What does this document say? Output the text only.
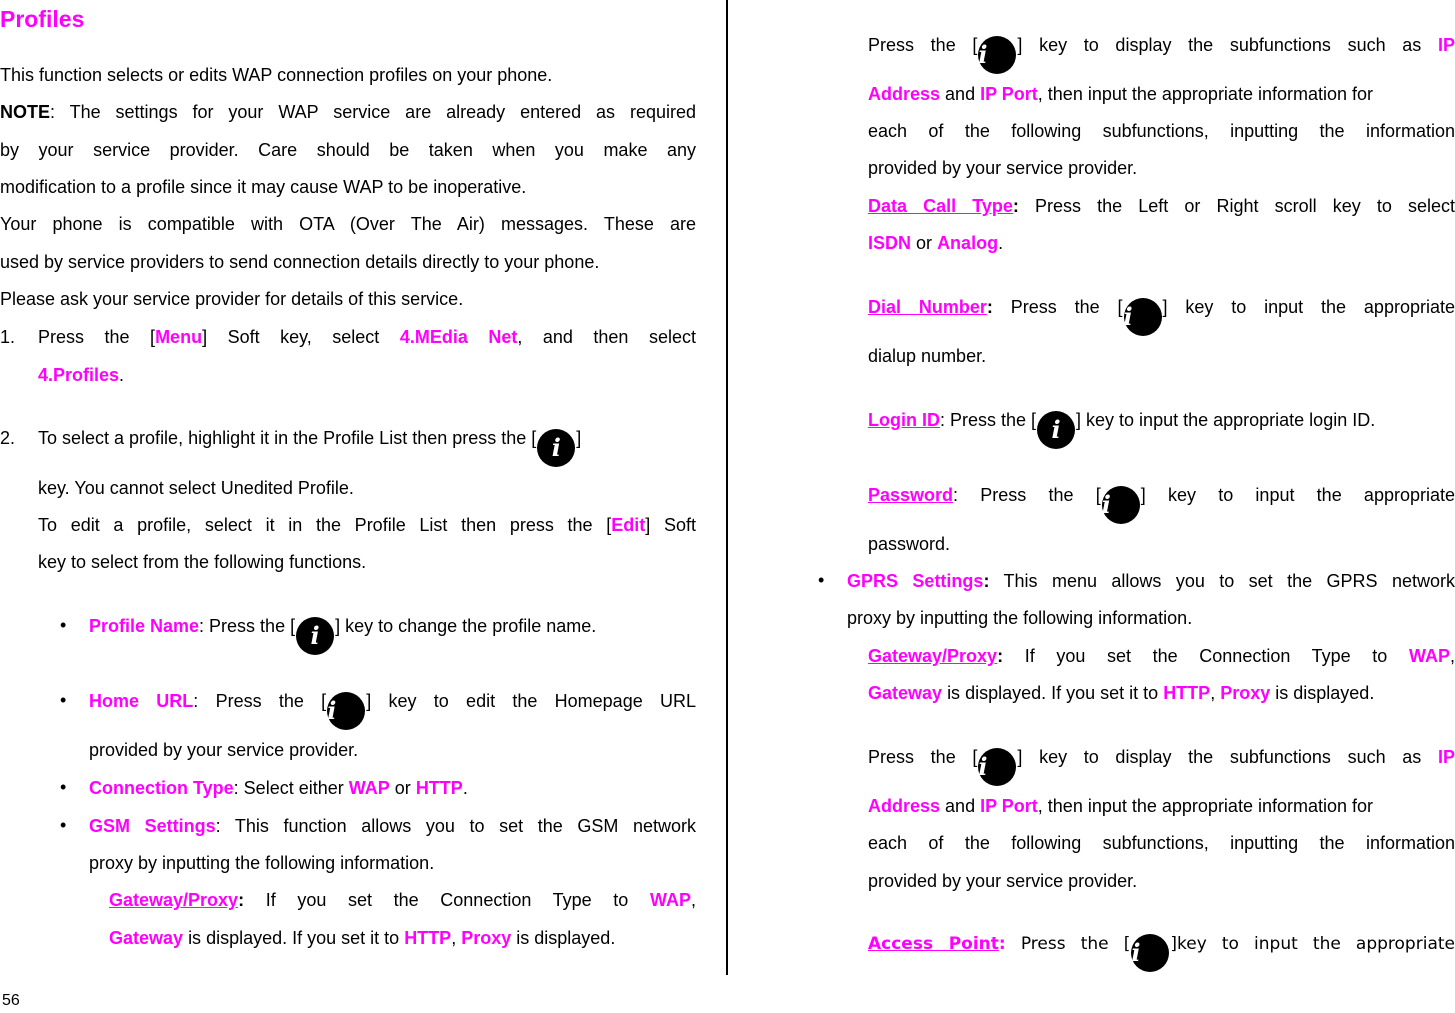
Profiles
This function selects or edits WAP connection profiles on your phone.
NOTE: The settings for your WAP service are already entered as required
by your service provider. Care should be taken when you make any
modification to a profile since it may cause WAP to be inoperative.
Your phone is compatible with OTA (Over The Air) messages. These are
used by service providers to send connection details directly to your phone.
Please ask your service provider for details of this service.
1. Press the [Menu] Soft key, select 4.MEdia Net, and then select
4.Profiles.
2. To select a profile, highlight it in the Profile List then press the [ i ]
key. You cannot select Unedited Profile.
To edit a profile, select it in the Profile List then press the [Edit] Soft
key to select from the following functions.
• Profile Name: Press the [ i ] key to change the profile name.
• Home URL: Press the [i ] key to edit the Homepage URL
provided by your service provider.
• Connection Type: Select either WAP or HTTP.
• GSM Settings: This function allows you to set the GSM network
proxy by inputting the following information.
Gateway/Proxy: If you set the Connection Type to WAP,
Gateway is displayed. If you set it to HTTP, Proxy is displayed.
56
Press the [i ] key to display the subfunctions such as IP
Address and IP Port, then input the appropriate information for
each of the following subfunctions, inputting the information
provided by your service provider.
Data Call Type: Press the Left or Right scroll key to select
ISDN or Analog.
Dial Number: Press the [i ] key to input the appropriate
dialup number.
Login ID: Press the [ i ] key to input the appropriate login ID.
Password: Press the [i ] key to input the appropriate
password.
• GPRS Settings: This menu allows you to set the GPRS network
proxy by inputting the following information.
Gateway/Proxy: If you set the Connection Type to WAP,
Gateway is displayed. If you set it to HTTP, Proxy is displayed.
Press the [i ] key to display the subfunctions such as IP
Address and IP Port, then input the appropriate information for
each of the following subfunctions, inputting the information
provided by your service provider.
Access Point: Press the [i ]key to input the appropriate
